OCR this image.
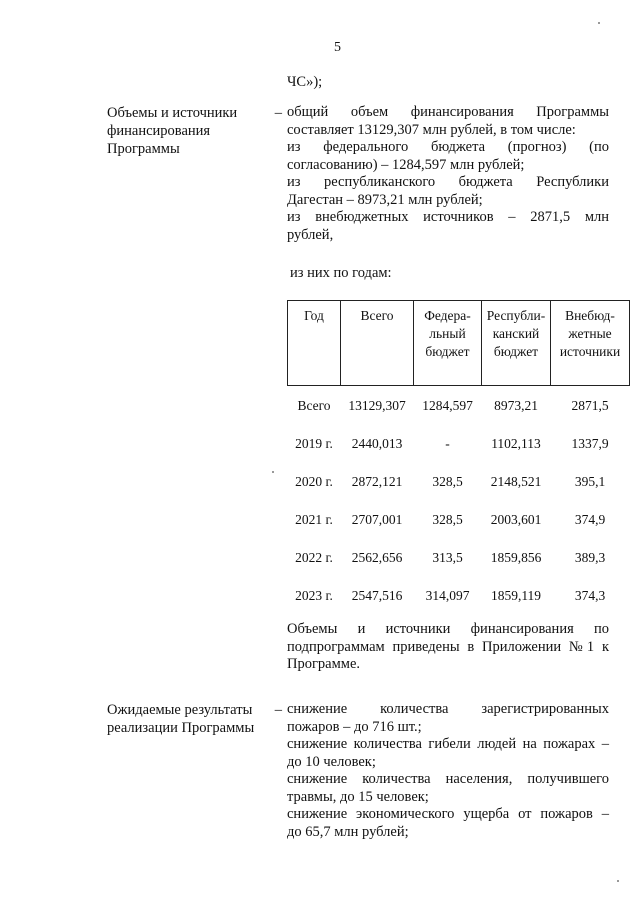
5
ЧС»);
Объемы и источники	–
финансирования
Программы
общий объем финансирования Программы
составляет 13129,307 млн рублей, в том числе:
из федерального бюджета (прогноз) (по
согласованию) – 1284,597 млн рублей;
из республиканского бюджета Республики
Дагестан – 8973,21 млн рублей;
из внебюджетных источников – 2871,5 млн
рублей,
из них по годам:
Год	Всего	Федера-
льный
бюджет	Республи-
канский
бюджет	Внебюд-
жетные
источники
Всего	13129,307	1284,597	8973,21	2871,5
2019 г.	2440,013	-	1102,113	1337,9
2020 г.	2872,121	328,5	2148,521	395,1
2021 г.	2707,001	328,5	2003,601	374,9
2022 г.	2562,656	313,5	1859,856	389,3
2023 г.	2547,516	314,097	1859,119	374,3
Объемы и источники финансирования по
подпрограммам приведены в Приложении №1 к
Программе.
Ожидаемые результаты	–
реализации Программы
снижение количества зарегистрированных
пожаров – до 716 шт.;
снижение количества гибели людей на пожарах –
до 10 человек;
снижение количества населения, получившего
травмы, до 15 человек;
снижение экономического ущерба от пожаров –
до 65,7 млн рублей;
